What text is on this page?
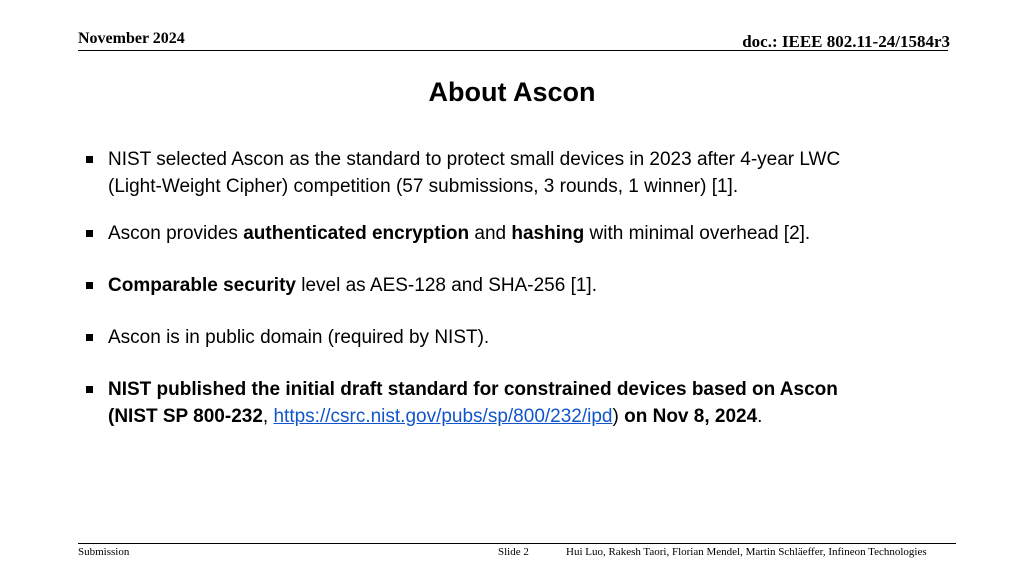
November 2024	doc.: IEEE 802.11-24/1584r3
About Ascon
NIST selected Ascon as the standard to protect small devices in 2023 after 4-year LWC
(Light-Weight Cipher) competition (57 submissions, 3 rounds, 1 winner) [1].
Ascon provides authenticated encryption and hashing with minimal overhead [2].
Comparable security level as AES-128 and SHA-256 [1].
Ascon is in public domain (required by NIST).
NIST published the initial draft standard for constrained devices based on Ascon
(NIST SP 800-232, https://csrc.nist.gov/pubs/sp/800/232/ipd) on Nov 8, 2024.
Submission	Slide 2	Hui Luo, Rakesh Taori, Florian Mendel, Martin Schläeffer, Infineon Technologies
